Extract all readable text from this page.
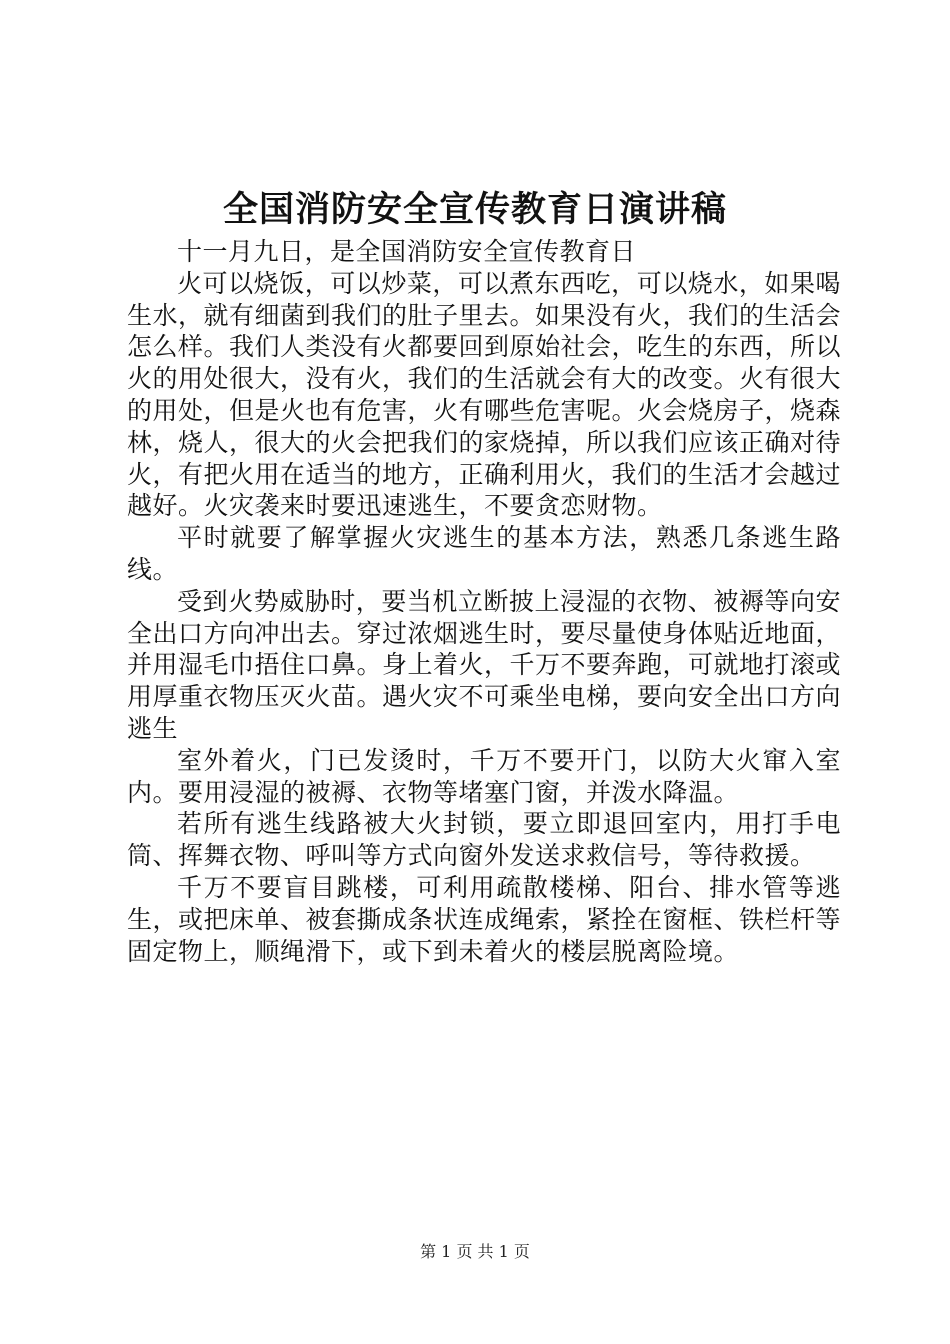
全国消防安全宣传教育日演讲稿

十一月九日，是全国消防安全宣传教育日

火可以烧饭，可以炒菜，可以煮东西吃，可以烧水，如果喝生水，就有细菌到我们的肚子里去。如果没有火，我们的生活会怎么样。我们人类没有火都要回到原始社会，吃生的东西，所以火的用处很大，没有火，我们的生活就会有大的改变。火有很大的用处，但是火也有危害，火有哪些危害呢。火会烧房子，烧森林，烧人，很大的火会把我们的家烧掉，所以我们应该正确对待火，有把火用在适当的地方，正确利用火，我们的生活才会越过越好。火灾袭来时要迅速逃生，不要贪恋财物。

平时就要了解掌握火灾逃生的基本方法，熟悉几条逃生路线。

受到火势威胁时，要当机立断披上浸湿的衣物、被褥等向安全出口方向冲出去。穿过浓烟逃生时，要尽量使身体贴近地面，并用湿毛巾捂住口鼻。身上着火，千万不要奔跑，可就地打滚或用厚重衣物压灭火苗。遇火灾不可乘坐电梯，要向安全出口方向逃生

室外着火，门已发烫时，千万不要开门，以防大火窜入室内。要用浸湿的被褥、衣物等堵塞门窗，并泼水降温。

若所有逃生线路被大火封锁，要立即退回室内，用打手电筒、挥舞衣物、呼叫等方式向窗外发送求救信号，等待救援。

千万不要盲目跳楼，可利用疏散楼梯、阳台、排水管等逃生，或把床单、被套撕成条状连成绳索，紧拴在窗框、铁栏杆等固定物上，顺绳滑下，或下到未着火的楼层脱离险境。

第 1 页 共 1 页
